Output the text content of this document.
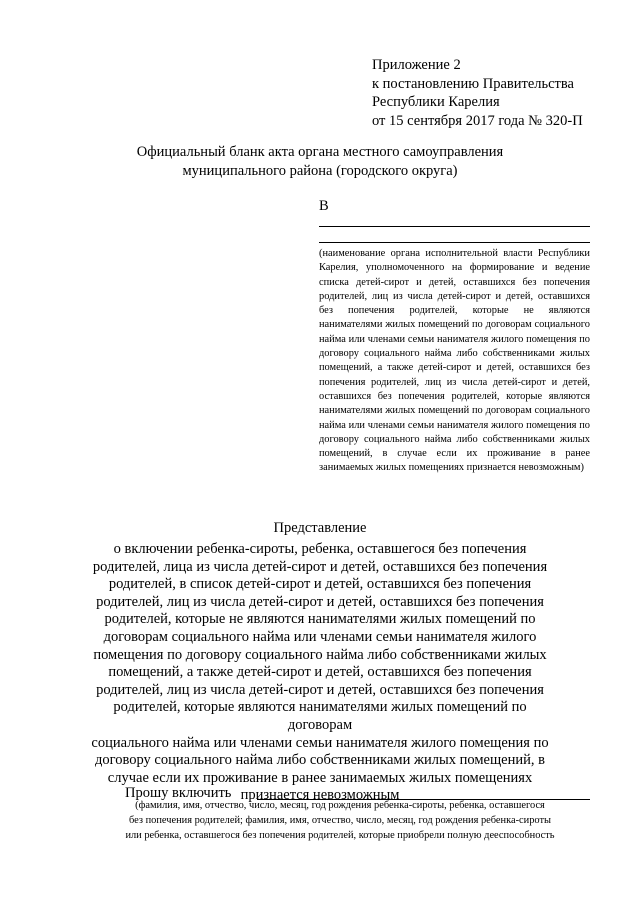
Приложение 2
к постановлению Правительства
Республики Карелия
от 15 сентября 2017 года № 320-П
Официальный бланк акта органа местного самоуправления
муниципального района (городского округа)
В
(наименование органа исполнительной власти Республики Карелия, уполномоченного на формирование и ведение списка детей-сирот и детей, оставшихся без попечения родителей, лиц из числа детей-сирот и детей, оставшихся без попечения родителей, которые не являются нанимателями жилых помещений по договорам социального найма или членами семьи нанимателя жилого помещения по договору социального найма либо собственниками жилых помещений, а также детей-сирот и детей, оставшихся без попечения родителей, лиц из числа детей-сирот и детей, оставшихся без попечения родителей, которые являются нанимателями жилых помещений по договорам социального найма или членами семьи нанимателя жилого помещения по договору социального найма либо собственниками жилых помещений, в случае если их проживание в ранее занимаемых жилых помещениях признается невозможным)
Представление
о включении ребенка-сироты, ребенка, оставшегося без попечения
родителей, лица из числа детей-сирот и детей, оставшихся без попечения
родителей, в список детей-сирот и детей, оставшихся без попечения
родителей, лиц из числа детей-сирот и детей, оставшихся без попечения
родителей, которые не являются нанимателями жилых помещений по
договорам социального найма или членами семьи нанимателя жилого
помещения по договору социального найма либо собственниками жилых
помещений, а также детей-сирот и детей, оставшихся без попечения
родителей, лиц из числа детей-сирот и детей, оставшихся без попечения
родителей, которые являются нанимателями жилых помещений по договорам
социального найма или членами семьи нанимателя жилого помещения по
договору социального найма либо собственниками жилых помещений, в
случае если их проживание в ранее занимаемых жилых помещениях
признается невозможным
Прошу включить
(фамилия, имя, отчество, число, месяц, год рождения ребенка-сироты, ребенка, оставшегося
без попечения родителей; фамилия, имя, отчество, число, месяц, год рождения ребенка-сироты
или ребенка, оставшегося без попечения родителей, которые приобрели полную дееспособность
